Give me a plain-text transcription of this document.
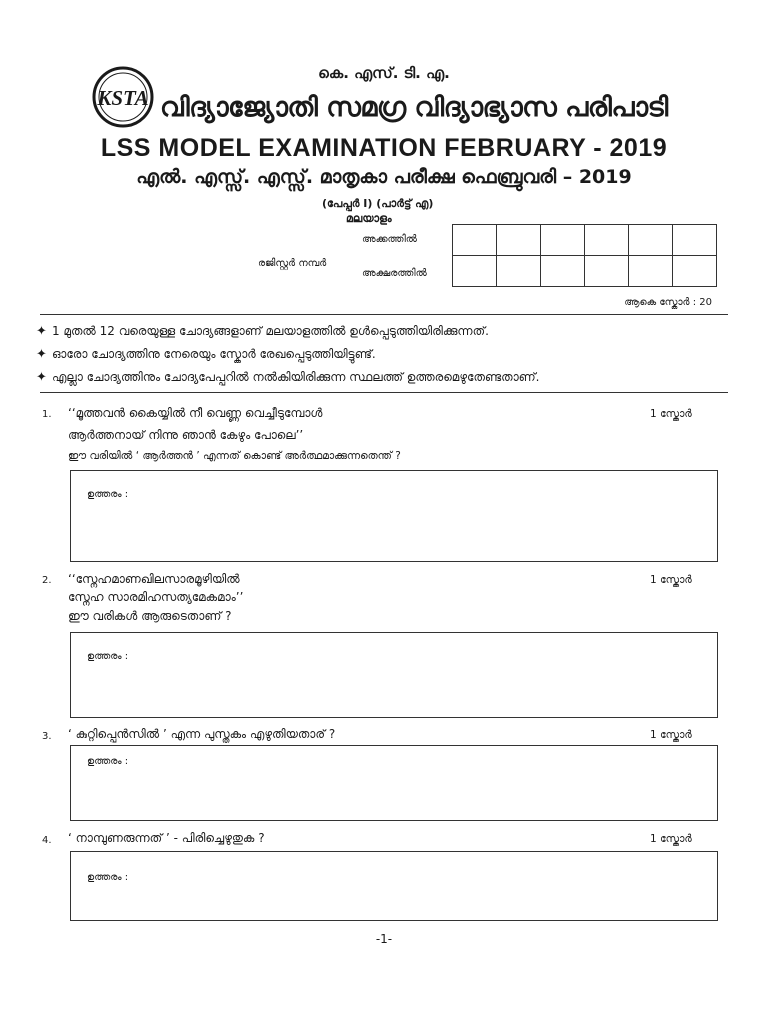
KSTA
കെ. എസ്. ടി. എ.
വിദ്യാജ്യോതി സമഗ്ര വിദ്യാഭ്യാസ പരിപാടി
LSS MODEL EXAMINATION FEBRUARY - 2019
എൽ. എസ്സ്. എസ്സ്. മാതൃകാ പരീക്ഷ ഫെബ്രുവരി – 2019
(പേപ്പർ I) (പാർട്ട് എ)
മലയാളം
രജിസ്റ്റർ നമ്പർ
അക്കത്തിൽ
അക്ഷരത്തിൽ

ആകെ സ്കോർ : 20
✦ 1 മുതൽ 12 വരെയുള്ള ചോദ്യങ്ങളാണ് മലയാളത്തിൽ ഉൾപ്പെടുത്തിയിരിക്കുന്നത്.
✦ ഓരോ ചോദ്യത്തിനു നേരെയും സ്കോർ രേഖപ്പെടുത്തിയിട്ടുണ്ട്.
✦ എല്ലാ ചോദ്യത്തിനും ചോദ്യപേപ്പറിൽ നൽകിയിരിക്കുന്ന സ്ഥലത്ത് ഉത്തരമെഴുതേണ്ടതാണ്.
1. ‘‘മൂത്തവൻ കൈയ്യിൽ നീ വെണ്ണ വെച്ചീടുമ്പോൾ	1 സ്കോർ
ആർത്തനായ് നിന്നു ഞാൻ കേഴും പോലെ’’
ഈ വരിയിൽ ‘ ആർത്തൻ ’ എന്നത് കൊണ്ട് അർത്ഥമാക്കുന്നതെന്ത് ?
ഉത്തരം :
2. ‘‘സ്നേഹമാണഖിലസാരമൂഴിയിൽ	1 സ്കോർ
സ്നേഹ സാരമിഹസത്യമേകമാം’’
ഈ വരികൾ ആരുടെതാണ് ?
ഉത്തരം :
3. ‘ കുറ്റിപ്പെൻസിൽ ’ എന്ന പുസ്തകം എഴുതിയതാര് ?	1 സ്കോർ
ഉത്തരം :
4. ‘ നാമ്പുണരുന്നത് ’ - പിരിച്ചെഴുതുക ?	1 സ്കോർ
ഉത്തരം :
-1-
